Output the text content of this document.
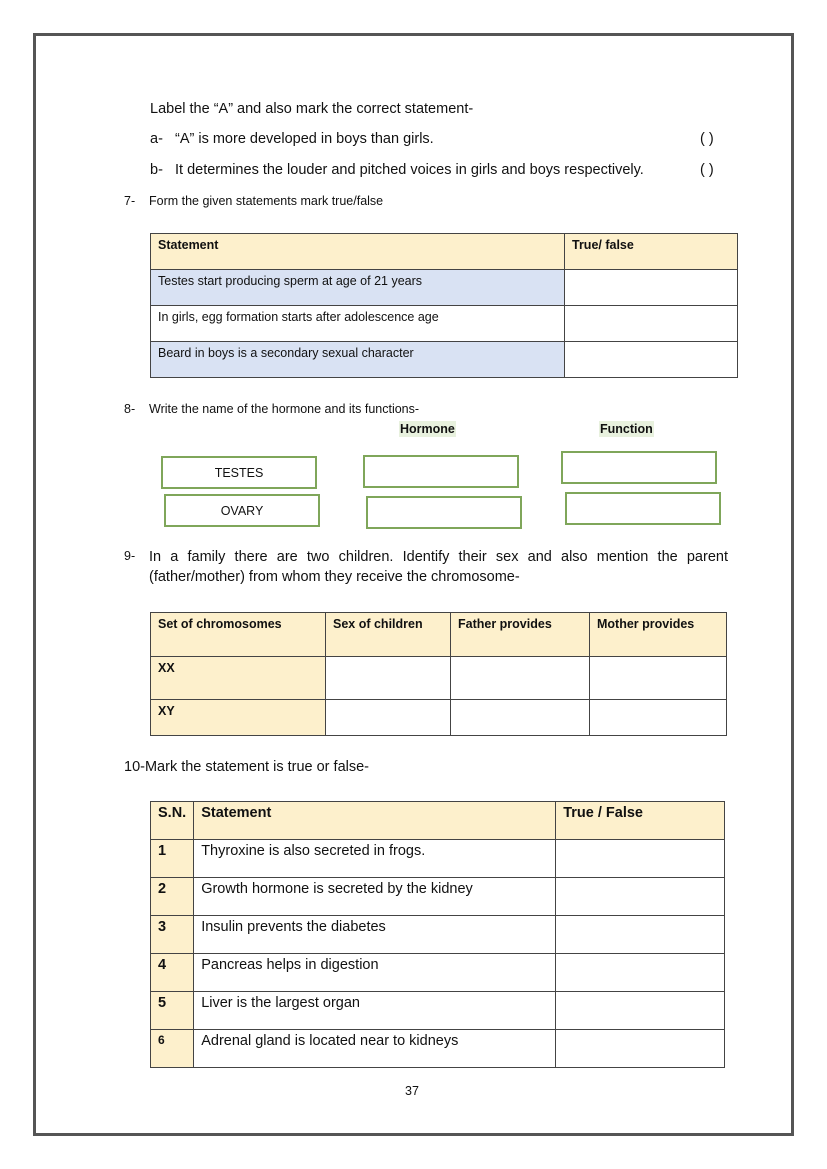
Label the “A” and also mark the correct statement-
a- “A” is more developed in boys than girls.	( )
b- It determines the louder and pitched voices in girls and boys respectively.	( )
7- Form the given statements mark true/false
Statement	True/ false
Testes start producing sperm at age of 21 years	
In girls, egg formation starts after adolescence age	
Beard in boys is a secondary sexual character	
8- Write the name of the hormone and its functions-
Hormone	Function
TESTES
OVARY
9- In a family there are two children. Identify their sex and also mention the parent
(father/mother) from whom they receive the chromosome-
Set of chromosomes	Sex of children	Father provides	Mother provides
XX			
XY			
10-Mark the statement is true or false-
S.N.	Statement	True / False
1	Thyroxine is also secreted in frogs.	
2	Growth hormone is secreted by the kidney	
3	Insulin prevents the diabetes	
4	Pancreas helps in digestion	
5	Liver is the largest organ	
6	Adrenal gland is located near to kidneys	
37
